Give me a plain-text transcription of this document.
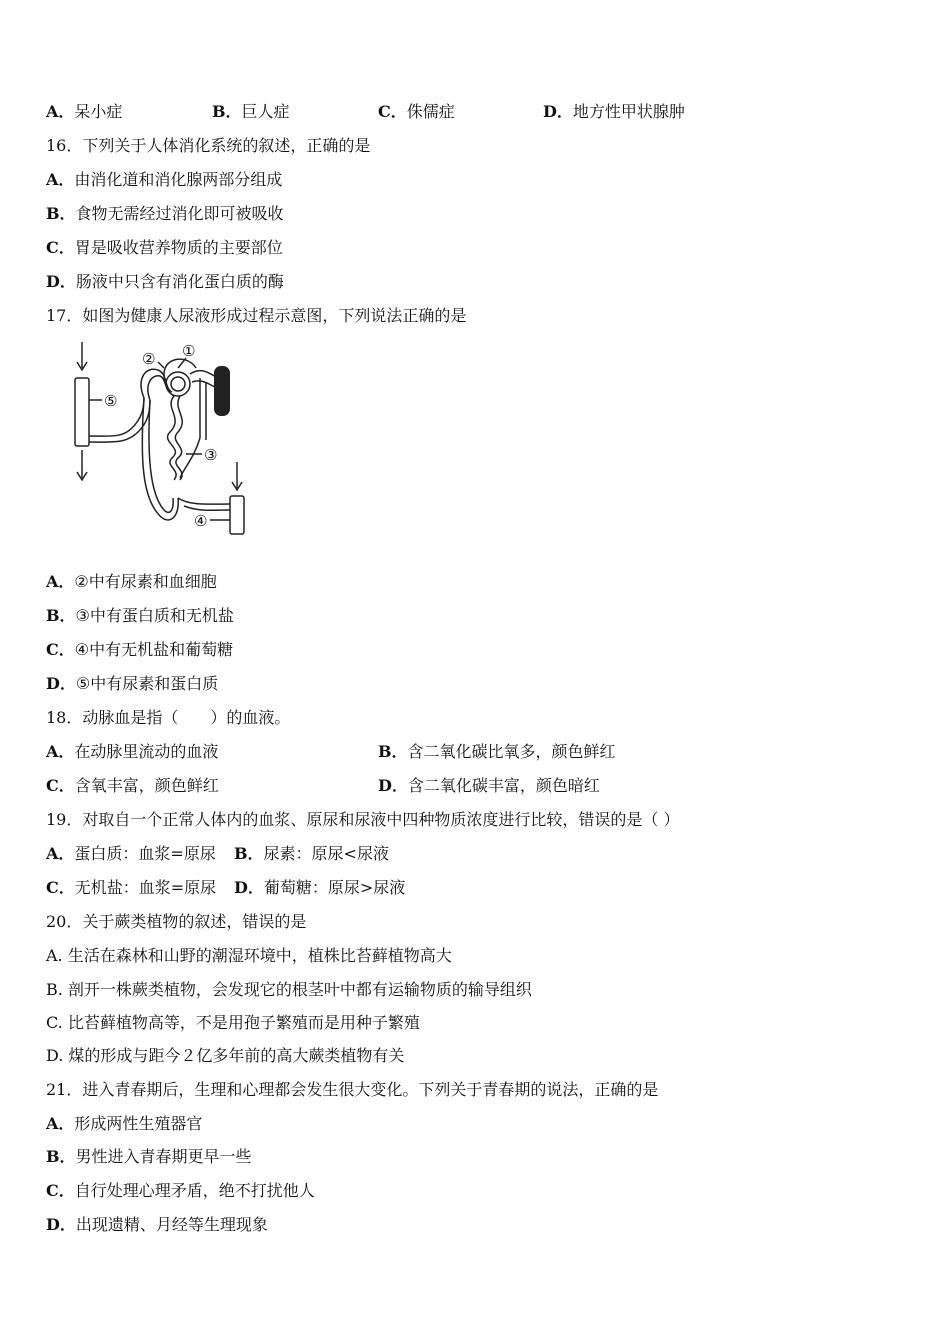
A．呆小症	B．巨人症	C．侏儒症	D．地方性甲状腺肿
16．下列关于人体消化系统的叙述，正确的是
A．由消化道和消化腺两部分组成
B．食物无需经过消化即可被吸收
C．胃是吸收营养物质的主要部位
D．肠液中只含有消化蛋白质的酶
17．如图为健康人尿液形成过程示意图，下列说法正确的是
①
②
③
④
⑤
A．②中有尿素和血细胞
B．③中有蛋白质和无机盐
C．④中有无机盐和葡萄糖
D．⑤中有尿素和蛋白质
18．动脉血是指（　　）的血液。
A．在动脉里流动的血液	B．含二氧化碳比氧多，颜色鲜红
C．含氧丰富，颜色鲜红	D．含二氧化碳丰富，颜色暗红
19．对取自一个正常人体内的血浆、原尿和尿液中四种物质浓度进行比较，错误的是（ ）
A．蛋白质：血浆=原尿 B．尿素：原尿<尿液
C．无机盐：血浆=原尿 D．葡萄糖：原尿>尿液
20．关于蕨类植物的叙述，错误的是
A. 生活在森林和山野的潮湿环境中，植株比苔藓植物高大
B. 剖开一株蕨类植物，会发现它的根茎叶中都有运输物质的输导组织
C. 比苔藓植物高等，不是用孢子繁殖而是用种子繁殖
D. 煤的形成与距今２亿多年前的高大蕨类植物有关
21．进入青春期后，生理和心理都会发生很大变化。下列关于青春期的说法，正确的是
A．形成两性生殖器官
B．男性进入青春期更早一些
C．自行处理心理矛盾，绝不打扰他人
D．出现遗精、月经等生理现象
